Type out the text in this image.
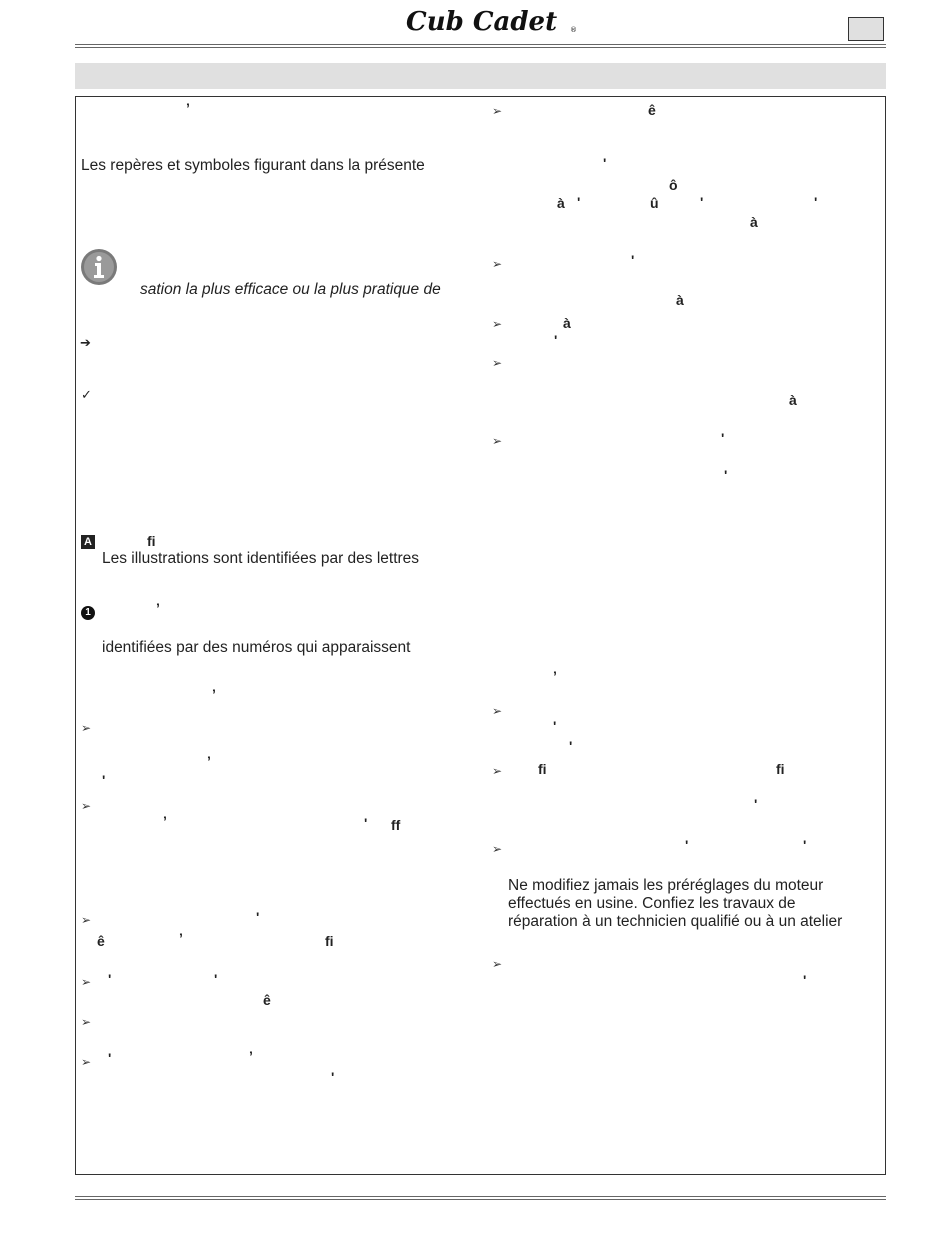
Cub Cadet ®
’
Les repères et symboles figurant dans la présente
sation la plus efficace ou la plus pratique de
➔
✓
A	fi
Les illustrations sont identifiées par des lettres
1	’
identifiées par des numéros qui apparaissent
’
➢
’
'
➢
’	' ff
➢	'
ê	’	fi
➢ '	'
ê
➢
➢ '	’
'
➢	ê
'
ô
à '	û	'	'
à
➢	'
à
➢	à
'
➢
à
➢	'
'
’
➢
'
'
➢	fi	fi
'
➢	'	'
Ne modifiez jamais les préréglages du moteur
effectués en usine. Confiez les travaux de
réparation à un technicien qualifié ou à un atelier
➢
'
